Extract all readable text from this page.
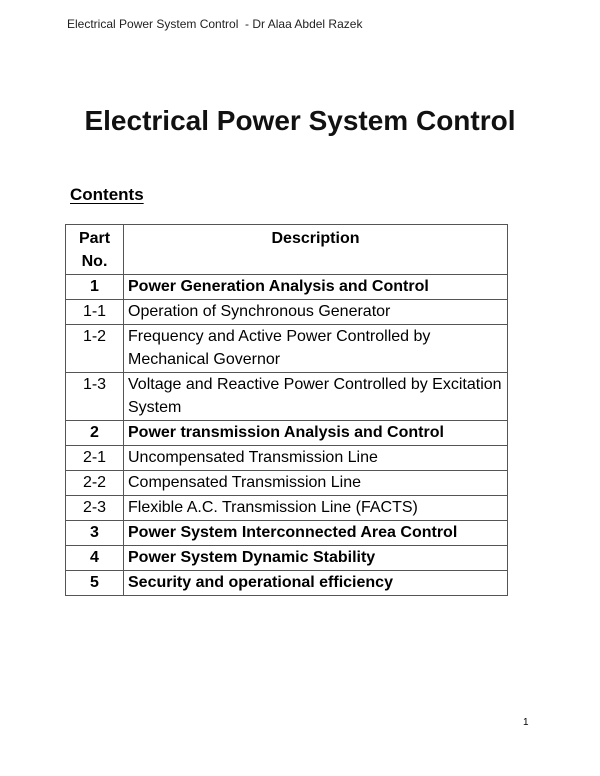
Electrical Power System Control  - Dr Alaa Abdel Razek
Electrical Power System Control
Contents
Part No.	Description
1	Power Generation Analysis and Control
1-1	Operation of Synchronous Generator
1-2	Frequency and Active Power Controlled by Mechanical Governor
1-3	Voltage and Reactive Power Controlled by Excitation System
2	Power transmission Analysis and Control
2-1	Uncompensated Transmission Line
2-2	Compensated Transmission Line
2-3	Flexible A.C. Transmission Line (FACTS)
3	Power System Interconnected Area Control
4	Power System Dynamic Stability
5	Security and operational efficiency
1
